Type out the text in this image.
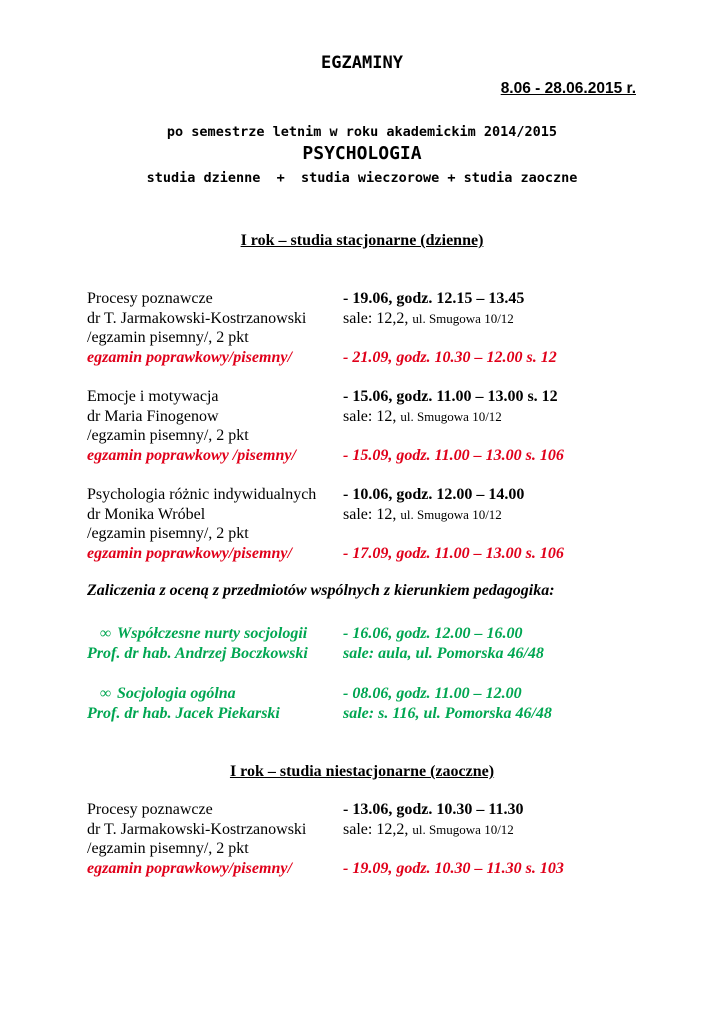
EGZAMINY
8.06 - 28.06.2015 r.
po semestrze letnim w roku akademickim 2014/2015
PSYCHOLOGIA
studia dzienne  +  studia wieczorowe + studia zaoczne
I rok – studia stacjonarne (dzienne)
Procesy poznawcze	- 19.06, godz. 12.15 – 13.45
dr T. Jarmakowski-Kostrzanowski	sale: 12,2, ul. Smugowa 10/12
/egzamin pisemny/, 2 pkt
egzamin poprawkowy/pisemny/	- 21.09, godz. 10.30 – 12.00 s. 12
Emocje i motywacja	- 15.06, godz. 11.00 – 13.00 s. 12
dr Maria Finogenow	sale: 12, ul. Smugowa 10/12
/egzamin pisemny/, 2 pkt
egzamin poprawkowy /pisemny/	- 15.09, godz. 11.00 – 13.00 s. 106
Psychologia różnic indywidualnych	- 10.06, godz. 12.00 – 14.00
dr Monika Wróbel	sale: 12, ul. Smugowa 10/12
/egzamin pisemny/, 2 pkt
egzamin poprawkowy/pisemny/	- 17.09, godz. 11.00 – 13.00 s. 106
Zaliczenia z oceną z przedmiotów wspólnych z kierunkiem pedagogika:
∞ Współczesne nurty socjologii	- 16.06, godz. 12.00 – 16.00
Prof. dr hab. Andrzej Boczkowski	sale: aula, ul. Pomorska 46/48
∞ Socjologia ogólna	- 08.06, godz. 11.00 – 12.00
Prof. dr hab. Jacek Piekarski	sale: s. 116, ul. Pomorska 46/48
I rok – studia niestacjonarne (zaoczne)
Procesy poznawcze	- 13.06, godz. 10.30 – 11.30
dr T. Jarmakowski-Kostrzanowski	sale: 12,2, ul. Smugowa 10/12
/egzamin pisemny/, 2 pkt
egzamin poprawkowy/pisemny/	- 19.09, godz. 10.30 – 11.30 s. 103
